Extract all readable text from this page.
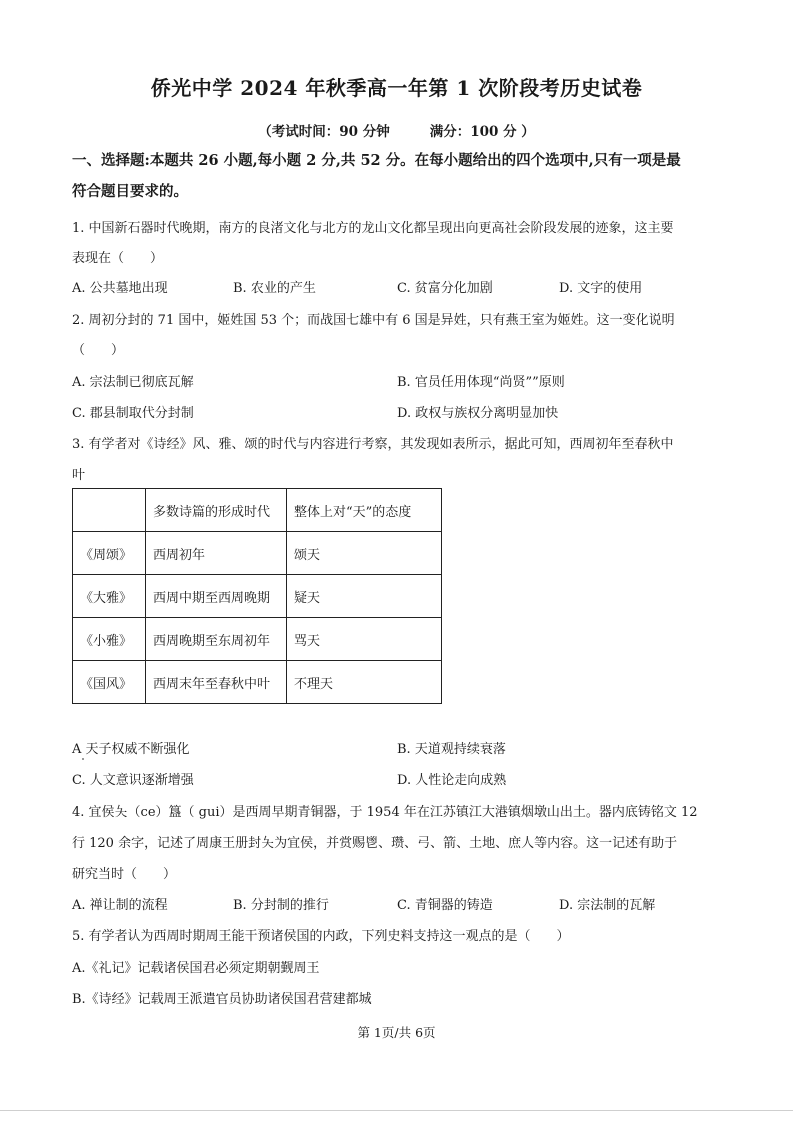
侨光中学 2024 年秋季高一年第 1 次阶段考历史试卷
（考试时间：90 分钟	满分：100 分 ）
一、选择题:本题共 26 小题,每小题 2 分,共 52 分。在每小题给出的四个选项中,只有一项是最
符合题目要求的。
1. 中国新石器时代晚期，南方的良渚文化与北方的龙山文化都呈现出向更高社会阶段发展的迹象，这主要
表现在（　　）
A. 公共墓地出现	B. 农业的产生	C. 贫富分化加剧	D. 文字的使用
2. 周初分封的 71 国中，姬姓国 53 个；而战国七雄中有 6 国是异姓，只有燕王室为姬姓。这一变化说明
（　　）
A. 宗法制已彻底瓦解	B. 官员任用体现“尚贤””原则
C. 郡县制取代分封制	D. 政权与族权分离明显加快
3. 有学者对《诗经》风、雅、颂的时代与内容进行考察，其发现如表所示，据此可知，西周初年至春秋中
叶
	多数诗篇的形成时代	整体上对“天”的态度
《周颂》	西周初年	颂天
《大雅》	西周中期至西周晚期	疑天
《小雅》	西周晚期至东周初年	骂天
《国风》	西周末年至春秋中叶	不理天
A 天子权威不断强化	B. 天道观持续衰落
C. 人文意识逐渐增强	D. 人性论走向成熟
4. 宜侯夨（ce）簋（ gui）是西周早期青铜器，于 1954 年在江苏镇江大港镇烟墩山出土。器内底铸铭文 12
行 120 余字，记述了周康王册封夨为宜侯，并赏赐鬯、瓒、弓、箭、土地、庶人等内容。这一记述有助于
研究当时（　　）
A. 禅让制的流程	B. 分封制的推行	C. 青铜器的铸造	D. 宗法制的瓦解
5. 有学者认为西周时期周王能干预诸侯国的内政，下列史料支持这一观点的是（　　）
A.《礼记》记载诸侯国君必须定期朝觐周王
B.《诗经》记载周王派遣官员协助诸侯国君营建都城
第 1页/共 6页
